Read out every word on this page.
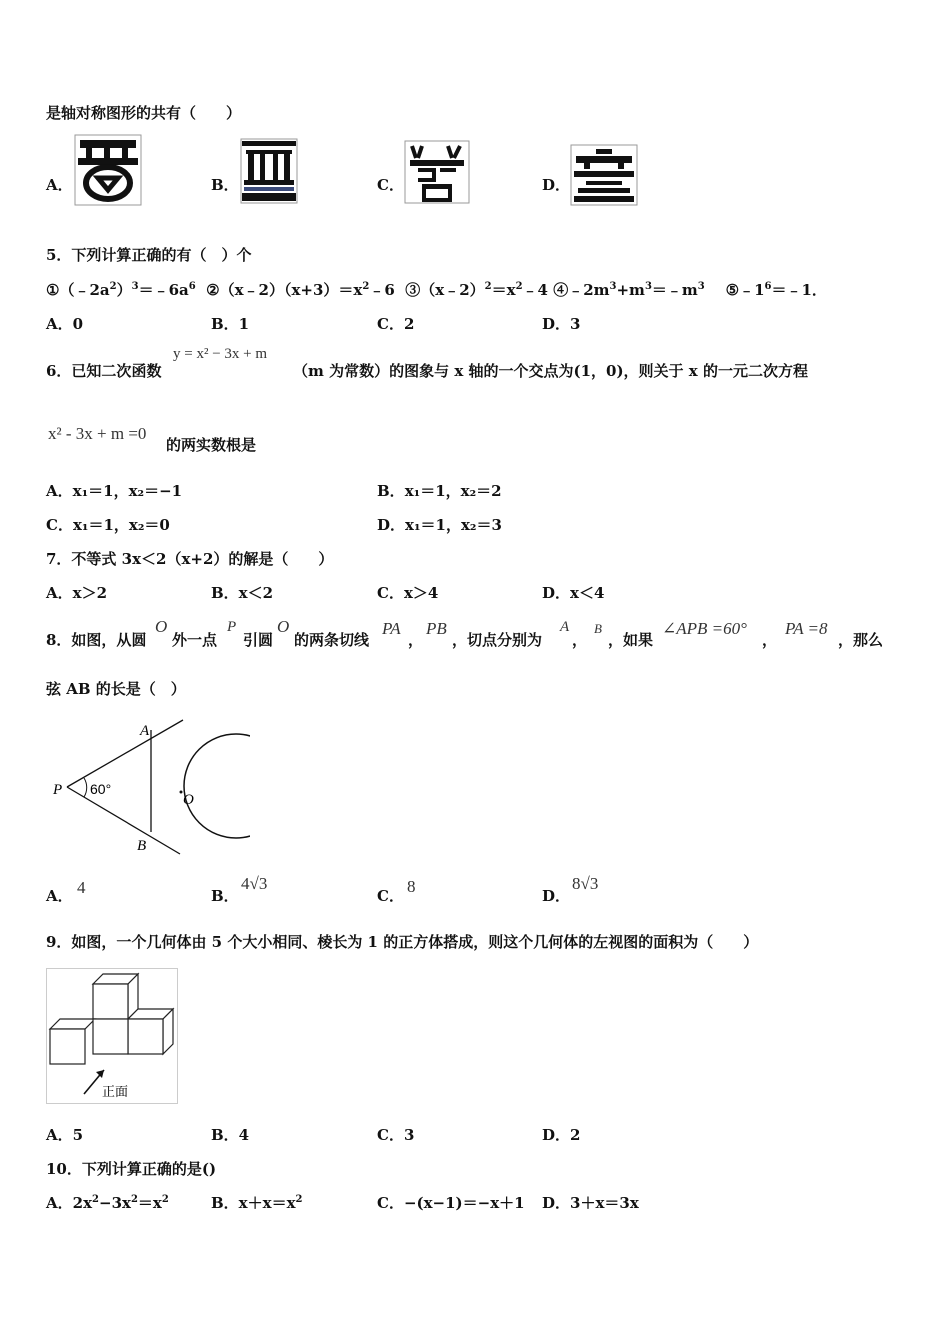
是轴对称图形的共有（　　）
A．	B．	C．	D．
5．下列计算正确的有（　）个
$①(﹣2a^2)^3=﹣6a^6$ $②(x﹣2)(x+3)=x^2﹣6$ $③(x﹣2)^2=x^2﹣4$ $④﹣2m^3+m^3=﹣m^3$ $⑤﹣1^6=﹣1$．
A．0	B．1	C．2	D．3
6．已知二次函数
y = x² − 3x + m
（m 为常数）的图象与 x 轴的一个交点为(1，0)，则关于 x 的一元二次方程
x² - 3x + m =0
的两实数根是
A．x₁＝1，x₂＝−1	B．x₁＝1，x₂＝2
C．x₁＝1，x₂＝0	D．x₁＝1，x₂＝3
7．不等式 3x＜2（x+2）的解是（　　）
A．x＞2	B．x＜2	C．x＞4	D．x＜4
8．如图，从圆
O
外一点
P
引圆
O
的两条切线
PA
，
PB
，切点分别为
A
，
B
，如果
∠APB =60°
，
PA =8
，那么
弦 AB 的长是（　）
A
B
P
O
60°
A． 4	B．
4√3
C． 8	D．
8√3
9．如图，一个几何体由 5 个大小相同、棱长为 1 的正方体搭成，则这个几何体的左视图的面积为（　　）
正面
A．5	B．4	C．3	D．2
10．下列计算正确的是()
A．$2x^2-3x^2=x^2$	B．$x+x=x^2$	C．−(x−1)＝−x＋1 D．3＋x＝3x
